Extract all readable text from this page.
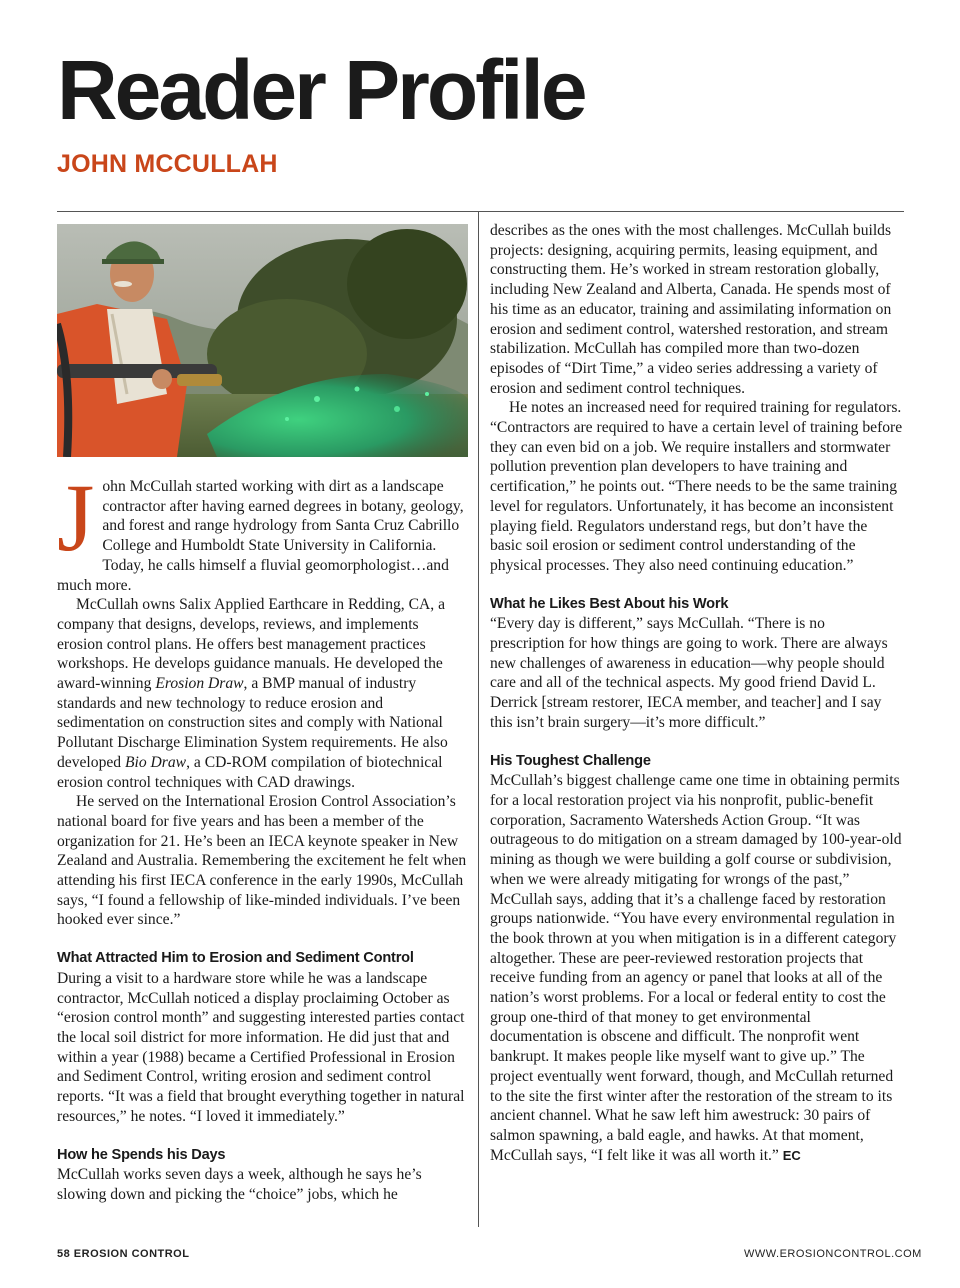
Reader Profile
JOHN MCCULLAH

John McCullah started working with dirt as a landscape contractor after having earned degrees in botany, geology, and forest and range hydrology from Santa Cruz Cabrillo College and Humboldt State University in California. Today, he calls himself a fluvial geomorphologist…and much more.

McCullah owns Salix Applied Earthcare in Redding, CA, a company that designs, develops, reviews, and implements erosion control plans. He offers best management practices workshops. He develops guidance manuals. He developed the award-winning Erosion Draw, a BMP manual of industry standards and new technology to reduce erosion and sedimentation on construction sites and comply with National Pollutant Discharge Elimination System requirements. He also developed Bio Draw, a CD-ROM compilation of biotechnical erosion control techniques with CAD drawings.

He served on the International Erosion Control Association’s national board for five years and has been a member of the organization for 21. He’s been an IECA keynote speaker in New Zealand and Australia. Remembering the excitement he felt when attending his first IECA conference in the early 1990s, McCullah says, “I found a fellowship of like-minded individuals. I’ve been hooked ever since.”

What Attracted Him to Erosion and Sediment Control

During a visit to a hardware store while he was a landscape contractor, McCullah noticed a display proclaiming October as “erosion control month” and suggesting interested parties contact the local soil district for more information. He did just that and within a year (1988) became a Certified Professional in Erosion and Sediment Control, writing erosion and sediment control reports. “It was a field that brought everything together in natural resources,” he notes. “I loved it immediately.”

How he Spends his Days

McCullah works seven days a week, although he says he’s slowing down and picking the “choice” jobs, which he

describes as the ones with the most challenges. McCullah builds projects: designing, acquiring permits, leasing equipment, and constructing them. He’s worked in stream restoration globally, including New Zealand and Alberta, Canada. He spends most of his time as an educator, training and assimilating information on erosion and sediment control, watershed restoration, and stream stabilization. McCullah has compiled more than two-dozen episodes of “Dirt Time,” a video series addressing a variety of erosion and sediment control techniques.

He notes an increased need for required training for regulators. “Contractors are required to have a certain level of training before they can even bid on a job. We require installers and stormwater pollution prevention plan developers to have training and certification,” he points out. “There needs to be the same training level for regulators. Unfortunately, it has become an inconsistent playing field. Regulators understand regs, but don’t have the basic soil erosion or sediment control understanding of the physical processes. They also need continuing education.”

What he Likes Best About his Work

“Every day is different,” says McCullah. “There is no prescription for how things are going to work. There are always new challenges of awareness in education—why people should care and all of the technical aspects. My good friend David L. Derrick [stream restorer, IECA member, and teacher] and I say this isn’t brain surgery—it’s more difficult.”

His Toughest Challenge

McCullah’s biggest challenge came one time in obtaining permits for a local restoration project via his nonprofit, public-benefit corporation, Sacramento Watersheds Action Group. “It was outrageous to do mitigation on a stream damaged by 100-year-old mining as though we were building a golf course or subdivision, when we were already mitigating for wrongs of the past,” McCullah says, adding that it’s a challenge faced by restoration groups nationwide. “You have every environmental regulation in the book thrown at you when mitigation is in a different category altogether. These are peer-reviewed restoration projects that receive funding from an agency or panel that looks at all of the nation’s worst problems. For a local or federal entity to cost the group one-third of that money to get environmental documentation is obscene and difficult. The nonprofit went bankrupt. It makes people like myself want to give up.” The project eventually went forward, though, and McCullah returned to the site the first winter after the restoration of the stream to its ancient channel. What he saw left him awestruck: 30 pairs of salmon spawning, a bald eagle, and hawks. At that moment, McCullah says, “I felt like it was all worth it.” EC

58 EROSION CONTROL	WWW.EROSIONCONTROL.COM
